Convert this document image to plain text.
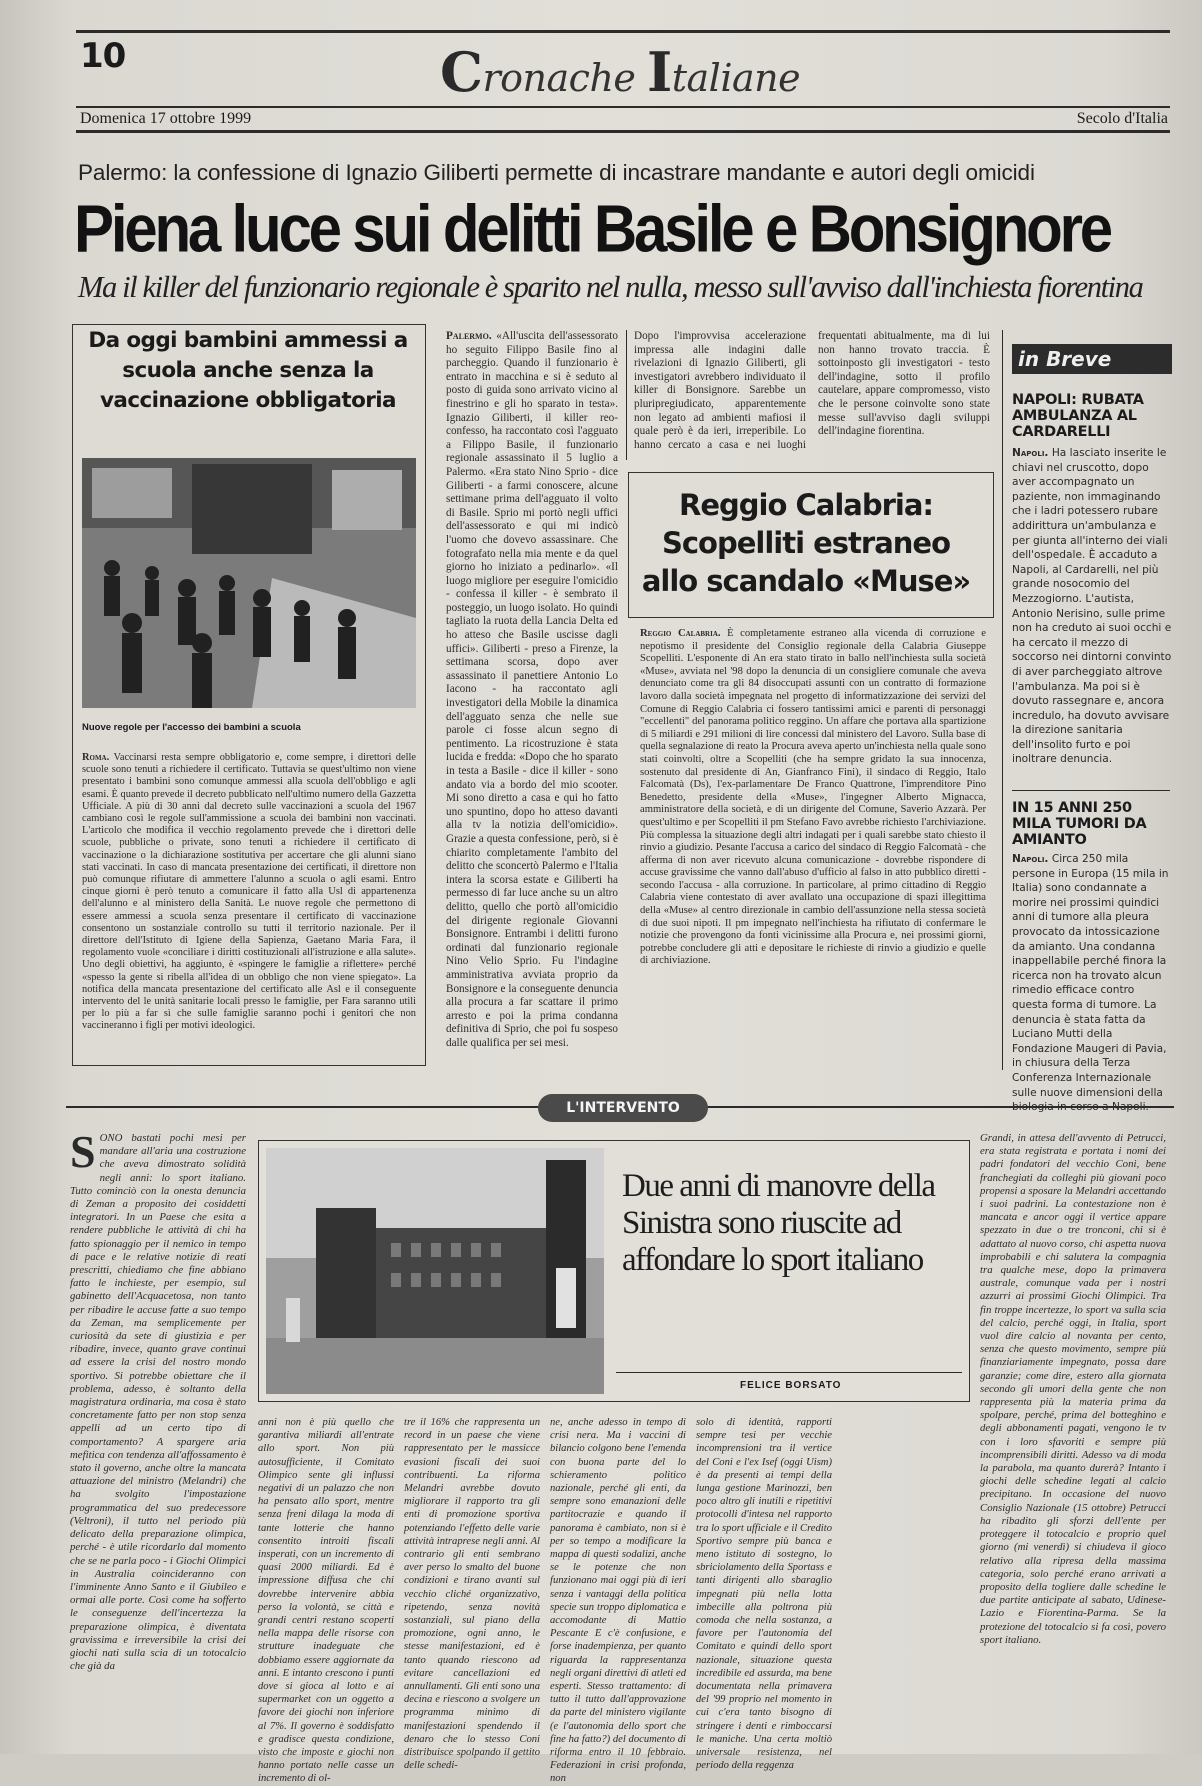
10	Cronache Italiane
Domenica 17 ottobre 1999	Secolo d'Italia
Palermo: la confessione di Ignazio Giliberti permette di incastrare mandante e autori degli omicidi
Piena luce sui delitti Basile e Bonsignore
Ma il killer del funzionario regionale è sparito nel nulla, messo sull'avviso dall'inchiesta fiorentina
Da oggi bambini ammessi a scuola anche senza la vaccinazione obbligatoria
Nuove regole per l'accesso dei bambini a scuola
Roma. Vaccinarsi resta sempre obbligatorio e, come sempre, i direttori delle scuole sono tenuti a richiedere il certificato. Tuttavia se quest'ultimo non viene presentato i bambini sono comunque ammessi alla scuola dell'obbligo e agli esami. È quanto prevede il decreto pubblicato nell'ultimo numero della Gazzetta Ufficiale. A più di 30 anni dal decreto sulle vaccinazioni a scuola del 1967 cambiano così le regole sull'ammissione a scuola dei bambini non vaccinati. L'articolo che modifica il vecchio regolamento prevede che i direttori delle scuole, pubbliche o private, sono tenuti a richiedere il certificato di vaccinazione o la dichiarazione sostitutiva per accertare che gli alunni siano stati vaccinati. In caso di mancata presentazione dei certificati, il direttore non può comunque rifiutare di ammettere l'alunno a scuola o agli esami. Entro cinque giorni è però tenuto a comunicare il fatto alla Usl di appartenenza dell'alunno e al ministero della Sanità. Le nuove regole che permettono di essere ammessi a scuola senza presentare il certificato di vaccinazione consentono un sostanziale controllo su tutti il territorio nazionale. Per il direttore dell'Istituto di Igiene della Sapienza, Gaetano Maria Fara, il regolamento vuole «conciliare i diritti costituzionali all'istruzione e alla salute». Uno degli obiettivi, ha aggiunto, è «spingere le famiglie a riflettere» perché «spesso la gente si ribella all'idea di un obbligo che non viene spiegato». La notifica della mancata presentazione del certificato alle Asl e il conseguente intervento del le unità sanitarie locali presso le famiglie, per Fara saranno utili per lo più a far sì che sulle famiglie saranno pochi i genitori che non vaccineranno i figli per motivi ideologici.
Palermo. «All'uscita dell'assessorato ho seguito Filippo Basile fino al parcheggio. Quando il funzionario è entrato in macchina e si è seduto al posto di guida sono arrivato vicino al finestrino e gli ho sparato in testa». Ignazio Giliberti, il killer reo-confesso, ha raccontato così l'agguato a Filippo Basile, il funzionario regionale assassinato il 5 luglio a Palermo. «Era stato Nino Sprio - dice Giliberti - a farmi conoscere, alcune settimane prima dell'agguato il volto di Basile. Sprio mi portò negli uffici dell'assessorato e qui mi indicò l'uomo che dovevo assassinare. Che fotografato nella mia mente e da quel giorno ho iniziato a pedinarlo». «Il luogo migliore per eseguire l'omicidio - confessa il killer - è sembrato il posteggio, un luogo isolato. Ho quindi tagliato la ruota della Lancia Delta ed ho atteso che Basile uscisse dagli uffici». Giliberti - preso a Firenze, la settimana scorsa, dopo aver assassinato il panettiere Antonio Lo Iacono - ha raccontato agli investigatori della Mobile la dinamica dell'agguato senza che nelle sue parole ci fosse alcun segno di pentimento. La ricostruzione è stata lucida e fredda: «Dopo che ho sparato in testa a Basile - dice il killer - sono andato via a bordo del mio scooter. Mi sono diretto a casa e qui ho fatto uno spuntino, dopo ho atteso davanti alla tv la notizia dell'omicidio». Grazie a questa confessione, però, si è chiarito completamente l'ambito del delitto che sconcertò Palermo e l'Italia intera la scorsa estate e Giliberti ha permesso di far luce anche su un altro delitto, quello che portò all'omicidio del dirigente regionale Giovanni Bonsignore. Entrambi i delitti furono ordinati dal funzionario regionale Nino Velio Sprio. Fu l'indagine amministrativa avviata proprio da Bonsignore e la conseguente denuncia alla procura a far scattare il primo arresto e poi la prima condanna definitiva di Sprio, che poi fu sospeso dalle qualifica per sei mesi.
Dopo l'improvvisa accelerazione impressa alle indagini dalle rivelazioni di Ignazio Giliberti, gli investigatori avrebbero individuato il killer di Bonsignore. Sarebbe un pluripregiudicato, apparentemente non legato ad ambienti mafiosi il quale però è da ieri, irreperibile. Lo hanno cercato a casa e nei luoghi frequentati abitualmente, ma di lui non hanno trovato traccia. È sottoinposto gli investigatori - testo dell'indagine, sotto il profilo cautelare, appare compromesso, visto che le persone coinvolte sono state messe sull'avviso dagli sviluppi dell'indagine fiorentina.
Reggio Calabria: Scopelliti estraneo allo scandalo «Muse»
Reggio Calabria. È completamente estraneo alla vicenda di corruzione e nepotismo il presidente del Consiglio regionale della Calabria Giuseppe Scopelliti. L'esponente di An era stato tirato in ballo nell'inchiesta sulla società «Muse», avviata nel '98 dopo la denuncia di un consigliere comunale che aveva denunciato come tra gli 84 disoccupati assunti con un contratto di formazione lavoro dalla società impegnata nel progetto di informatizzazione dei servizi del Comune di Reggio Calabria ci fossero tantissimi amici e parenti di personaggi "eccellenti" del panorama politico reggino. Un affare che portava alla spartizione di 5 miliardi e 291 milioni di lire concessi dal ministero del Lavoro. Sulla base di quella segnalazione di reato la Procura aveva aperto un'inchiesta nella quale sono stati coinvolti, oltre a Scopelliti (che ha sempre gridato la sua innocenza, sostenuto dal presidente di An, Gianfranco Fini), il sindaco di Reggio, Italo Falcomatà (Ds), l'ex-parlamentare De Franco Quattrone, l'imprenditore Pino Benedetto, presidente della «Muse», l'ingegner Alberto Mignacca, amministratore della società, e di un dirigente del Comune, Saverio Azzarà. Per quest'ultimo e per Scopelliti il pm Stefano Favo avrebbe richiesto l'archiviazione. Più complessa la situazione degli altri indagati per i quali sarebbe stato chiesto il rinvio a giudizio. Pesante l'accusa a carico del sindaco di Reggio Falcomatà - che afferma di non aver ricevuto alcuna comunicazione - dovrebbe rispondere di accuse gravissime che vanno dall'abuso d'ufficio al falso in atto pubblico diretti - secondo l'accusa - alla corruzione. In particolare, al primo cittadino di Reggio Calabria viene contestato di aver avallato una occupazione di spazi illegittima della «Muse» al centro direzionale in cambio dell'assunzione nella stessa società di due suoi nipoti. Il pm impegnato nell'inchiesta ha rifiutato di confermare le notizie che provengono da fonti vicinissime alla Procura e, nei prossimi giorni, potrebbe concludere gli atti e depositare le richieste di rinvio a giudizio e quelle di archiviazione.
in Breve
NAPOLI: RUBATA AMBULANZA AL CARDARELLI
Napoli. Ha lasciato inserite le chiavi nel cruscotto, dopo aver accompagnato un paziente, non immaginando che i ladri potessero rubare addirittura un'ambulanza e per giunta all'interno dei viali dell'ospedale. È accaduto a Napoli, al Cardarelli, nel più grande nosocomio del Mezzogiorno. L'autista, Antonio Nerisino, sulle prime non ha creduto ai suoi occhi e ha cercato il mezzo di soccorso nei dintorni convinto di aver parcheggiato altrove l'ambulanza. Ma poi si è dovuto rassegnare e, ancora incredulo, ha dovuto avvisare la direzione sanitaria dell'insolito furto e poi inoltrare denuncia.
IN 15 ANNI 250 MILA TUMORI DA AMIANTO
Napoli. Circa 250 mila persone in Europa (15 mila in Italia) sono condannate a morire nei prossimi quindici anni di tumore alla pleura provocato da intossicazione da amianto. Una condanna inappellabile perché finora la ricerca non ha trovato alcun rimedio efficace contro questa forma di tumore. La denuncia è stata fatta da Luciano Mutti della Fondazione Maugeri di Pavia, in chiusura della Terza Conferenza Internazionale sulle nuove dimensioni della
L'INTERVENTO
SONO bastati pochi mesi per mandare all'aria una costruzione che aveva dimostrato solidità negli anni: lo sport italiano. Tutto cominciò con la onesta denuncia di Zeman a proposito dei cosiddetti integratori. In un Paese che esita a rendere pubbliche le attività di chi ha fatto spionaggio per il nemico in tempo di pace e le relative notizie di reati prescritti, chiediamo che fine abbiano fatto le inchieste, per esempio, sul gabinetto dell'Acquacetosa, non tanto per ribadire le accuse fatte a suo tempo da Zeman, ma semplicemente per curiosità da sete di giustizia e per ribadire, invece, quanto grave continui ad essere la crisi del nostro mondo sportivo. Si potrebbe obiettare che il problema, adesso, è soltanto della magistratura ordinaria, ma cosa è stato concretamente fatto per non stop senza appelli ad un certo tipo di comportamento? A spargere aria mefitica con tendenza all'affossamento è stato il governo, anche oltre la mancata attuazione del ministro (Melandri) che ha svolgito l'impostazione programmatica del suo predecessore (Veltroni), il tutto nel periodo più delicato della preparazione olimpica, perché - è utile ricordarlo dal momento che se ne parla poco - i Giochi Olimpici in Australia coincideranno con l'imminente Anno Santo e il Giubileo e ormai alle porte. Così come ha sofferto le conseguenze dell'incertezza la preparazione olimpica, è diventata gravissima e irreversibile la crisi dei giochi nati sulla scia di un totocalcio che già da
Due anni di manovre della Sinistra sono riuscite ad affondare lo sport italiano
FELICE BORSATO
anni non è più quello che garantiva miliardi all'entrate allo sport. Non più autosufficiente, il Comitato Olimpico sente gli influssi negativi di un palazzo che non ha pensato allo sport, mentre senza freni dilaga la moda di tante lotterie che hanno consentito introiti fiscali insperati, con un incremento di quasi 2000 miliardi. Ed è impressione diffusa che chi dovrebbe intervenire abbia perso la volontà, se città e grandi centri restano scoperti nella mappa delle risorse con strutture inadeguate che dobbiamo essere aggiornate da anni. E intanto crescono i punti dove si gioca al lotto e ai supermarket con un oggetto a favore dei giochi non inferiore al 7%. Il governo è soddisfatto e gradisce questa condizione, visto che imposte e giochi non hanno portato nelle casse un incremento di ol-
tre il 16% che rappresenta un record in un paese che viene rappresentato per le massicce evasioni fiscali dei suoi contribuenti. La riforma Melandri avrebbe dovuto migliorare il rapporto tra gli enti di promozione sportiva potenziando l'effetto delle varie attività intraprese negli anni. Al contrario gli enti sembrano aver perso lo smalto del buone condizioni e tirano avanti sul vecchio cliché organizzativo, ripetendo, senza novità sostanziali, sul piano della promozione, ogni anno, le stesse manifestazioni, ed è tanto quando riescono ad evitare cancellazioni ed annullamenti. Gli enti sono una decina e riescono a svolgere un programma minimo di manifestazioni spendendo il denaro che lo stesso Coni distribuisce spolpando il gettito delle schedi-
ne, anche adesso in tempo di crisi nera. Ma i vaccini di bilancio colgono bene l'emenda con buona parte del lo schieramento politico nazionale, perché gli enti, da sempre sono emanazioni delle partitocrazie e quando il panorama è cambiato, non si è per so tempo a modificare la mappa di questi sodalizi, anche se le potenze che non funzionano mai oggi più di ieri senza i vantaggi della politica specie sun troppo diplomatica e accomodante di Mattio Pescante E c'è confusione, e forse inadempienza, per quanto riguarda la rappresentanza negli organi direttivi di atleti ed esperti. Stesso trattamento: di tutto il tutto dall'approvazione da parte del ministero vigilante (e l'autonomia dello sport che fine ha fatto?) del documento di riforma entro il 10 febbraio. Federazioni in crisi profonda, non
solo di identità, rapporti sempre tesi per vecchie incomprensioni tra il vertice del Coni e l'ex Isef (oggi Uism) è da presenti ai tempi della lunga gestione Marinozzi, ben poco altro gli inutili e ripetitivi protocolli d'intesa nel rapporto tra lo sport ufficiale e il Credito Sportivo sempre più banca e meno istituto di sostegno, lo sbriciolamento della Sportass e tanti dirigenti allo sbaraglio impegnati più nella lotta imbecille alla poltrona più comoda che nella sostanza, a favore per l'autonomia del Comitato e quindi dello sport nazionale, situazione questa incredibile ed assurda, ma bene documentata nella primavera del '99 proprio nel momento in cui c'era tanto bisogno di stringere i denti e rimboccarsi le maniche. Una certa moltiò universale resistenza, nel periodo della reggenza
Grandi, in attesa dell'avvento di Petrucci, era stata registrata e portata i nomi dei padri fondatori del vecchio Coni, bene franchegiati da colleghi più giovani poco propensi a sposare la Melandri accettando i suoi padrini. La contestazione non è mancata e ancor oggi il vertice appare spezzato in due o tre tronconi, chi si è adattato al nuovo corso, chi aspetta nuova improbabili e chi salutera la compagnia tra qualche mese, dopo la primavera australe, comunque vada per i nostri azzurri ai prossimi Giochi Olimpici. Tra fin troppe incertezze, lo sport va sulla scia del calcio, perché oggi, in Italia, sport vuol dire calcio al novanta per cento, senza che questo movimento, sempre più finanziariamente impegnato, possa dare garanzie; come dire, estero alla giornata secondo gli umori della gente che non rappresenta più la materia prima da spolpare, perché, prima del botteghino e degli abbonamenti pagati, vengono le tv con i loro sfavoriti e sempre più incomprensibili diritti. Adesso va di moda la parabola, ma quanto durerà? Intanto i giochi delle schedine legati al calcio precipitano. In occasione del nuovo Consiglio Nazionale (15 ottobre) Petrucci ha ribadito gli sforzi dell'ente per proteggere il totocalcio e proprio quel giorno (mi venerdì) si chiudeva il gioco relativo alla ripresa della massima categoria, solo perché erano arrivati a proposito della togliere dalle schedine le due partite anticipate al sabato, Udinese-Lazio e Fiorentina-Parma. Se la protezione del totocalcio si fa così, povero sport italiano.
